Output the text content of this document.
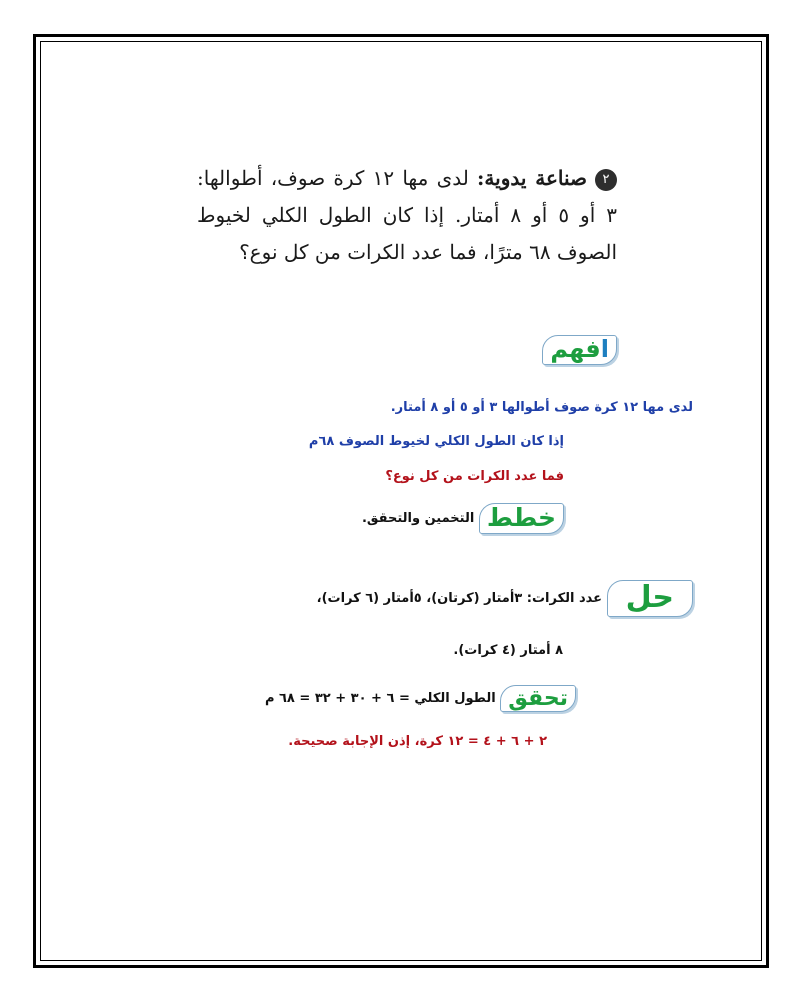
٢صناعة يدوية: لدى مها ١٢ كرة صوف، أطوالها: ٣ أو ٥ أو ٨ أمتار. إذا كان الطول الكلي لخيوط الصوف ٦٨ مترًا، فما عدد الكرات من كل نوع؟
افهم
لدى مها ١٢ كرة صوف أطوالها ٣ أو ٥ أو ٨ أمتار.
إذا كان الطول الكلي لخيوط الصوف ٦٨م
فما عدد الكرات من كل نوع؟
خطط التخمين والتحقق.
حل عدد الكرات: ٣أمتار (كرتان)، ٥أمتار (٦ كرات)،
٨ أمتار (٤ كرات).
تحقق الطول الكلي = ٦ + ٣٠ + ٣٢ = ٦٨ م
٢ + ٦ + ٤ = ١٢ كرة، إذن الإجابة صحيحة.
